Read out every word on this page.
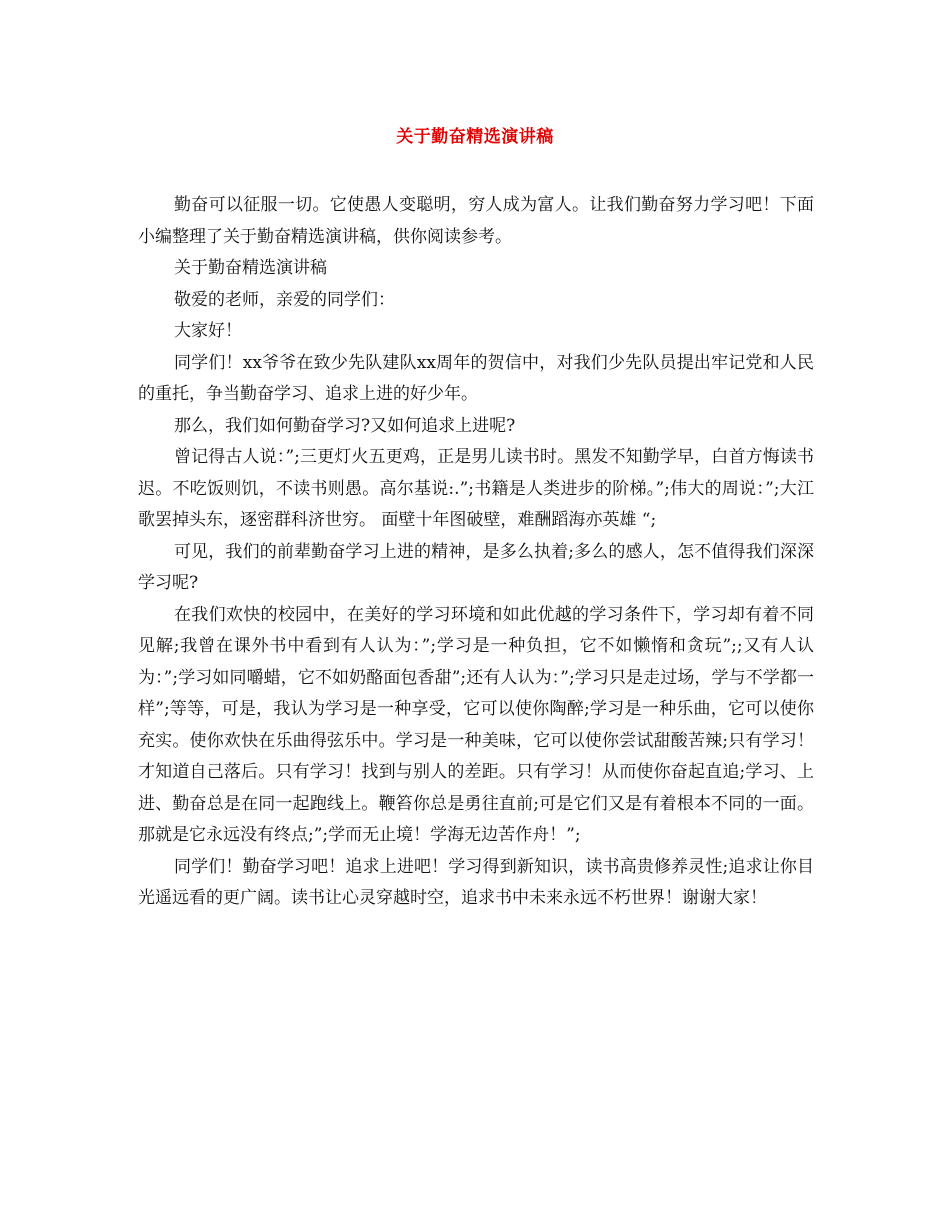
关于勤奋精选演讲稿

勤奋可以征服一切。它使愚人变聪明，穷人成为富人。让我们勤奋努力学习吧！下面小编整理了关于勤奋精选演讲稿，供你阅读参考。

关于勤奋精选演讲稿

敬爱的老师，亲爱的同学们：

大家好！

同学们！xx爷爷在致少先队建队xx周年的贺信中，对我们少先队员提出牢记党和人民的重托，争当勤奋学习、追求上进的好少年。

那么，我们如何勤奋学习?又如何追求上进呢?

曾记得古人说：”;三更灯火五更鸡，正是男儿读书时。黑发不知勤学早，白首方悔读书迟。不吃饭则饥，不读书则愚。高尔基说:.”;书籍是人类进步的阶梯。”;伟大的周说：”;大江歌罢掉头东，逐密群科济世穷。 面壁十年图破壁，难酬蹈海亦英雄 “;

可见，我们的前辈勤奋学习上进的精神，是多么执着;多么的感人，怎不值得我们深深学习呢?

在我们欢快的校园中，在美好的学习环境和如此优越的学习条件下，学习却有着不同见解;我曾在课外书中看到有人认为：”;学习是一种负担，它不如懒惰和贪玩”;;又有人认为：”;学习如同嚼蜡，它不如奶酪面包香甜”;还有人认为：”;学习只是走过场，学与不学都一样”;等等，可是，我认为学习是一种享受，它可以使你陶醉;学习是一种乐曲，它可以使你充实。使你欢快在乐曲得弦乐中。学习是一种美味，它可以使你尝试甜酸苦辣;只有学习！才知道自己落后。只有学习！找到与别人的差距。只有学习！从而使你奋起直追;学习、上进、勤奋总是在同一起跑线上。鞭笞你总是勇往直前;可是它们又是有着根本不同的一面。那就是它永远没有终点;”;学而无止境！学海无边苦作舟！”;

同学们！勤奋学习吧！追求上进吧！学习得到新知识，读书高贵修养灵性;追求让你目光遥远看的更广阔。读书让心灵穿越时空，追求书中未来永远不朽世界！谢谢大家！
